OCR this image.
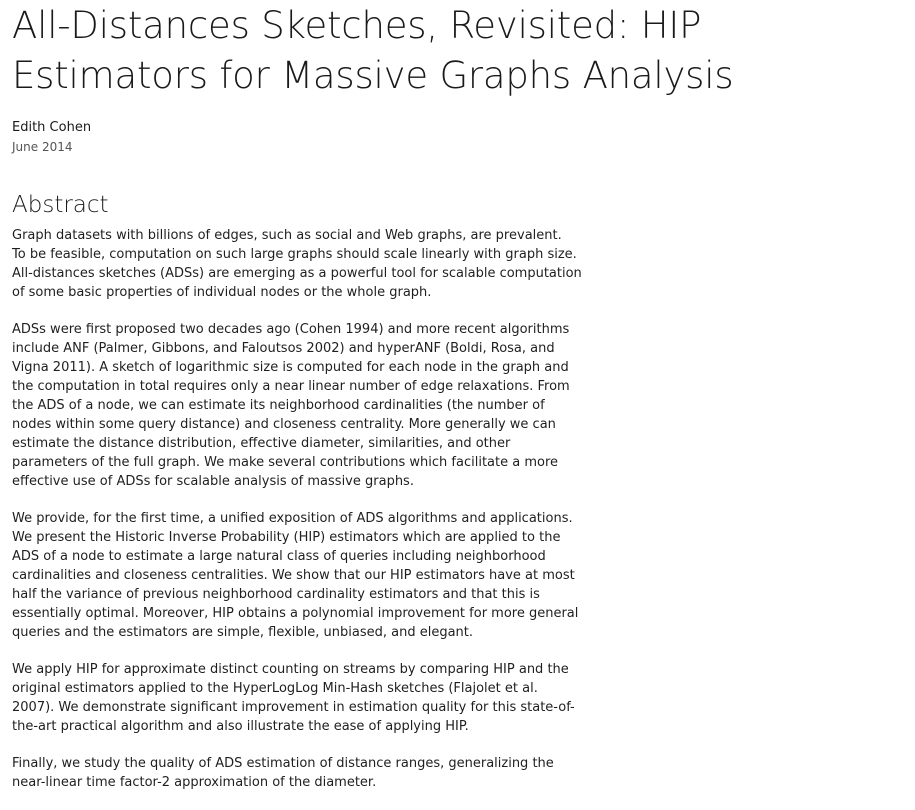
All-Distances Sketches, Revisited: HIP Estimators for Massive Graphs Analysis
Edith Cohen
June 2014
Abstract

Graph datasets with billions of edges, such as social and Web graphs, are prevalent.
To be feasible, computation on such large graphs should scale linearly with graph size.
All-distances sketches (ADSs) are emerging as a powerful tool for scalable computation
of some basic properties of individual nodes or the whole graph.

ADSs were first proposed two decades ago (Cohen 1994) and more recent algorithms
include ANF (Palmer, Gibbons, and Faloutsos 2002) and hyperANF (Boldi, Rosa, and
Vigna 2011). A sketch of logarithmic size is computed for each node in the graph and
the computation in total requires only a near linear number of edge relaxations. From
the ADS of a node, we can estimate its neighborhood cardinalities (the number of
nodes within some query distance) and closeness centrality. More generally we can
estimate the distance distribution, effective diameter, similarities, and other
parameters of the full graph. We make several contributions which facilitate a more
effective use of ADSs for scalable analysis of massive graphs.

We provide, for the first time, a unified exposition of ADS algorithms and applications.
We present the Historic Inverse Probability (HIP) estimators which are applied to the
ADS of a node to estimate a large natural class of queries including neighborhood
cardinalities and closeness centralities. We show that our HIP estimators have at most
half the variance of previous neighborhood cardinality estimators and that this is
essentially optimal. Moreover, HIP obtains a polynomial improvement for more general
queries and the estimators are simple, flexible, unbiased, and elegant.

We apply HIP for approximate distinct counting on streams by comparing HIP and the
original estimators applied to the HyperLogLog Min-Hash sketches (Flajolet et al.
2007). We demonstrate significant improvement in estimation quality for this state-of-
the-art practical algorithm and also illustrate the ease of applying HIP.

Finally, we study the quality of ADS estimation of distance ranges, generalizing the
near-linear time factor-2 approximation of the diameter.
